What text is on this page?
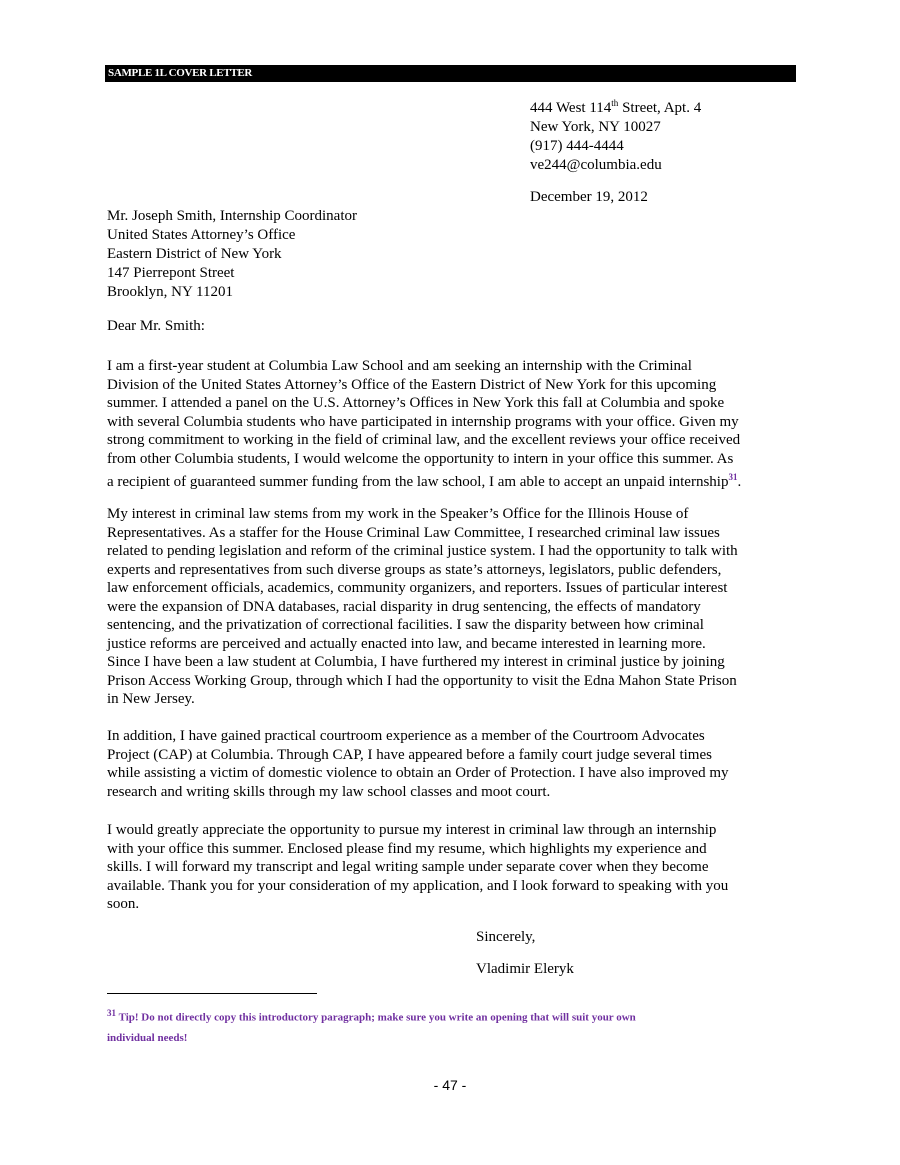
SAMPLE 1L COVER LETTER
444 West 114th Street, Apt. 4
New York, NY 10027
(917) 444-4444
ve244@columbia.edu
December 19, 2012
Mr. Joseph Smith, Internship Coordinator
United States Attorney’s Office
Eastern District of New York
147 Pierrepont Street
Brooklyn, NY 11201
Dear Mr. Smith:
I am a first-year student at Columbia Law School and am seeking an internship with the Criminal
Division of the United States Attorney’s Office of the Eastern District of New York for this upcoming
summer. I attended a panel on the U.S. Attorney’s Offices in New York this fall at Columbia and spoke
with several Columbia students who have participated in internship programs with your office. Given my
strong commitment to working in the field of criminal law, and the excellent reviews your office received
from other Columbia students, I would welcome the opportunity to intern in your office this summer. As
a recipient of guaranteed summer funding from the law school, I am able to accept an unpaid internship$^{31}$.
My interest in criminal law stems from my work in the Speaker’s Office for the Illinois House of
Representatives. As a staffer for the House Criminal Law Committee, I researched criminal law issues
related to pending legislation and reform of the criminal justice system. I had the opportunity to talk with
experts and representatives from such diverse groups as state’s attorneys, legislators, public defenders,
law enforcement officials, academics, community organizers, and reporters. Issues of particular interest
were the expansion of DNA databases, racial disparity in drug sentencing, the effects of mandatory
sentencing, and the privatization of correctional facilities. I saw the disparity between how criminal
justice reforms are perceived and actually enacted into law, and became interested in learning more.
Since I have been a law student at Columbia, I have furthered my interest in criminal justice by joining
Prison Access Working Group, through which I had the opportunity to visit the Edna Mahon State Prison
in New Jersey.
In addition, I have gained practical courtroom experience as a member of the Courtroom Advocates
Project (CAP) at Columbia. Through CAP, I have appeared before a family court judge several times
while assisting a victim of domestic violence to obtain an Order of Protection. I have also improved my
research and writing skills through my law school classes and moot court.
I would greatly appreciate the opportunity to pursue my interest in criminal law through an internship
with your office this summer. Enclosed please find my resume, which highlights my experience and
skills. I will forward my transcript and legal writing sample under separate cover when they become
available. Thank you for your consideration of my application, and I look forward to speaking with you
soon.
Sincerely,
Vladimir Eleryk
$^{31}$ Tip! Do not directly copy this introductory paragraph; make sure you write an opening that will suit your own
individual needs!
- 47 -
